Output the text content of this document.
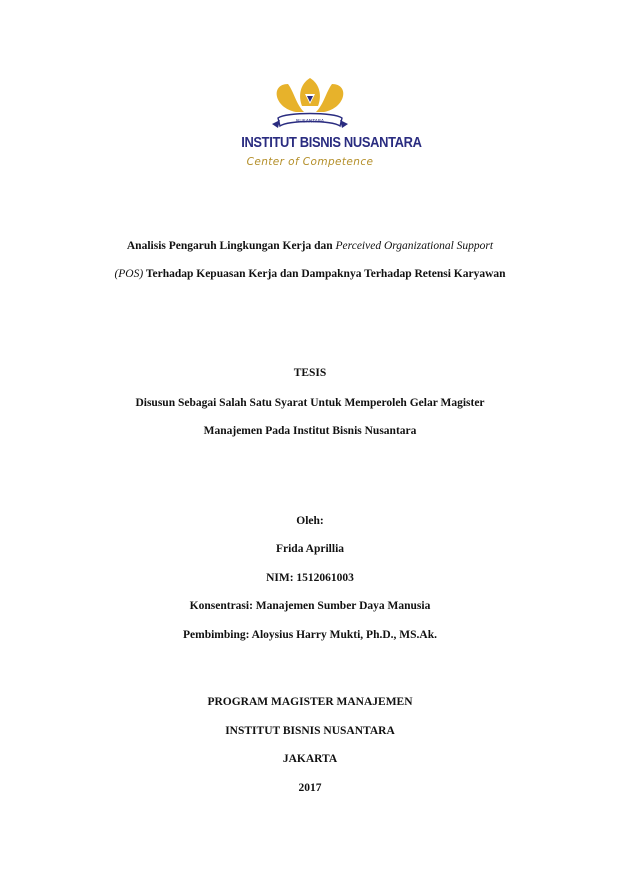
NUSANTARA
INSTITUT BISNIS NUSANTARA
Center of Competence
Analisis Pengaruh Lingkungan Kerja dan Perceived Organizational Support
(POS) Terhadap Kepuasan Kerja dan Dampaknya Terhadap Retensi Karyawan
TESIS
Disusun Sebagai Salah Satu Syarat Untuk Memperoleh Gelar Magister
Manajemen Pada Institut Bisnis Nusantara
Oleh:
Frida Aprillia
NIM: 1512061003
Konsentrasi: Manajemen Sumber Daya Manusia
Pembimbing: Aloysius Harry Mukti, Ph.D., MS.Ak.
PROGRAM MAGISTER MANAJEMEN
INSTITUT BISNIS NUSANTARA
JAKARTA
2017
